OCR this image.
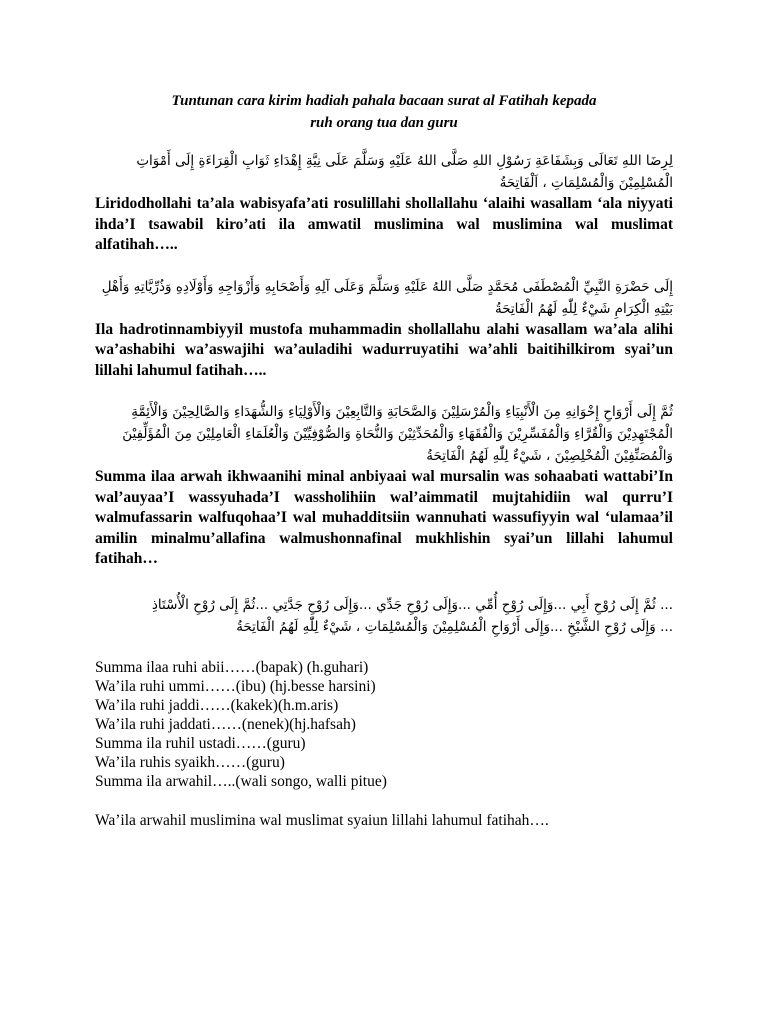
Tuntunan cara kirim hadiah pahala bacaan surat al Fatihah kepada
ruh orang tua dan guru

لِرِضَا اللهِ تَعَالَى وَبِشَفَاعَةِ رَسُوْلِ اللهِ صَلَّى اللهُ عَلَيْهِ وَسَلَّمَ عَلَى نِيَّةِ إِهْدَاءِ ثَوَابِ الْقِرَاءَةِ إِلَى أَمْوَاتِ الْمُسْلِمِيْنَ وَالْمُسْلِمَاتِ ، اَلْفَاتِحَةُ

Liridodhollahi ta’ala wabisyafa’ati rosulillahi shollallahu ‘alaihi wasallam ‘ala niyyati ihda’I tsawabil kiro’ati ila amwatil muslimina wal muslimina wal muslimat alfatihah…..

إِلَى حَضْرَةِ النَّبِيِّ الْمُصْطَفَى مُحَمَّدٍ صَلَّى اللهُ عَلَيْهِ وَسَلَّمَ وَعَلَى آلِهِ وَأَصْحَابِهِ وَأَزْوَاجِهِ وَأَوْلَادِهِ وَذُرِّيَّاتِهِ وَأَهْلِ بَيْتِهِ الْكِرَامِ شَيْءٌ لِلّٰهِ لَهُمُ الْفَاتِحَةُ

Ila hadrotinnambiyyil mustofa muhammadin shollallahu alahi wasallam wa’ala alihi wa’ashabihi wa’aswajihi wa’auladihi wadurruyatihi wa’ahli baitihilkirom syai’un lillahi lahumul fatihah…..

ثُمَّ إِلَى أَرْوَاحِ إِخْوَانِهِ مِنَ الْأَنْبِيَاءِ وَالْمُرْسَلِيْنَ وَالصَّحَابَةِ وَالتَّابِعِيْنَ وَالْأَوْلِيَاءِ وَالشُّهَدَاءِ وَالصَّالِحِيْنَ وَالْأَئِمَّةِ الْمُجْتَهِدِيْنَ وَالْقُرَّاءِ وَالْمُفَسِّرِيْنَ وَالْفُقَهَاءِ وَالْمُحَدِّثِيْنَ وَالنُّحَاةِ وَالصُّوْفِيِّيْنَ وَالْعُلَمَاءِ الْعَامِلِيْنَ مِنَ الْمُؤَلِّفِيْنَ وَالْمُصَنِّفِيْنَ الْمُخْلِصِيْنَ ، شَيْءٌ لِلّٰهِ لَهُمُ الْفَاتِحَةُ

Summa ilaa arwah ikhwaanihi minal anbiyaai wal mursalin was sohaabati wattabi’In wal’auyaa’I wassyuhada’I wassholihiin wal’aimmatil mujtahidiin wal qurru’I walmufassarin walfuqohaa’I wal muhadditsiin wannuhati wassufiyyin wal ‘ulamaa’il amilin minalmu’allafina walmushonnafinal mukhlishin syai’un lillahi lahumul fatihah…

... ثُمَّ إِلَى رُوْحِ أَبِي ...وَإِلَى رُوْحِ أُمِّي ...وَإِلَى رُوْحِ جَدِّي ...وَإِلَى رُوْحِ جَدَّتِي ...ثُمَّ إِلَى رُوْحِ الْأُسْتَاذِ

... وَإِلَى رُوْحِ الشَّيْخِ ...وَإِلَى أَرْوَاحِ الْمُسْلِمِيْنَ وَالْمُسْلِمَاتِ ، شَيْءٌ لِلّٰهِ لَهُمُ الْفَاتِحَةُ

Summa ilaa ruhi abii……(bapak) (h.guhari)
Wa’ila ruhi ummi……(ibu) (hj.besse harsini)
Wa’ila ruhi jaddi……(kakek)(h.m.aris)
Wa’ila ruhi jaddati……(nenek)(hj.hafsah)
Summa ila ruhil ustadi……(guru)
Wa’ila ruhis syaikh……(guru)
Summa ila arwahil…..(wali songo, walli pitue)

Wa’ila arwahil muslimina wal muslimat syaiun lillahi lahumul fatihah….
